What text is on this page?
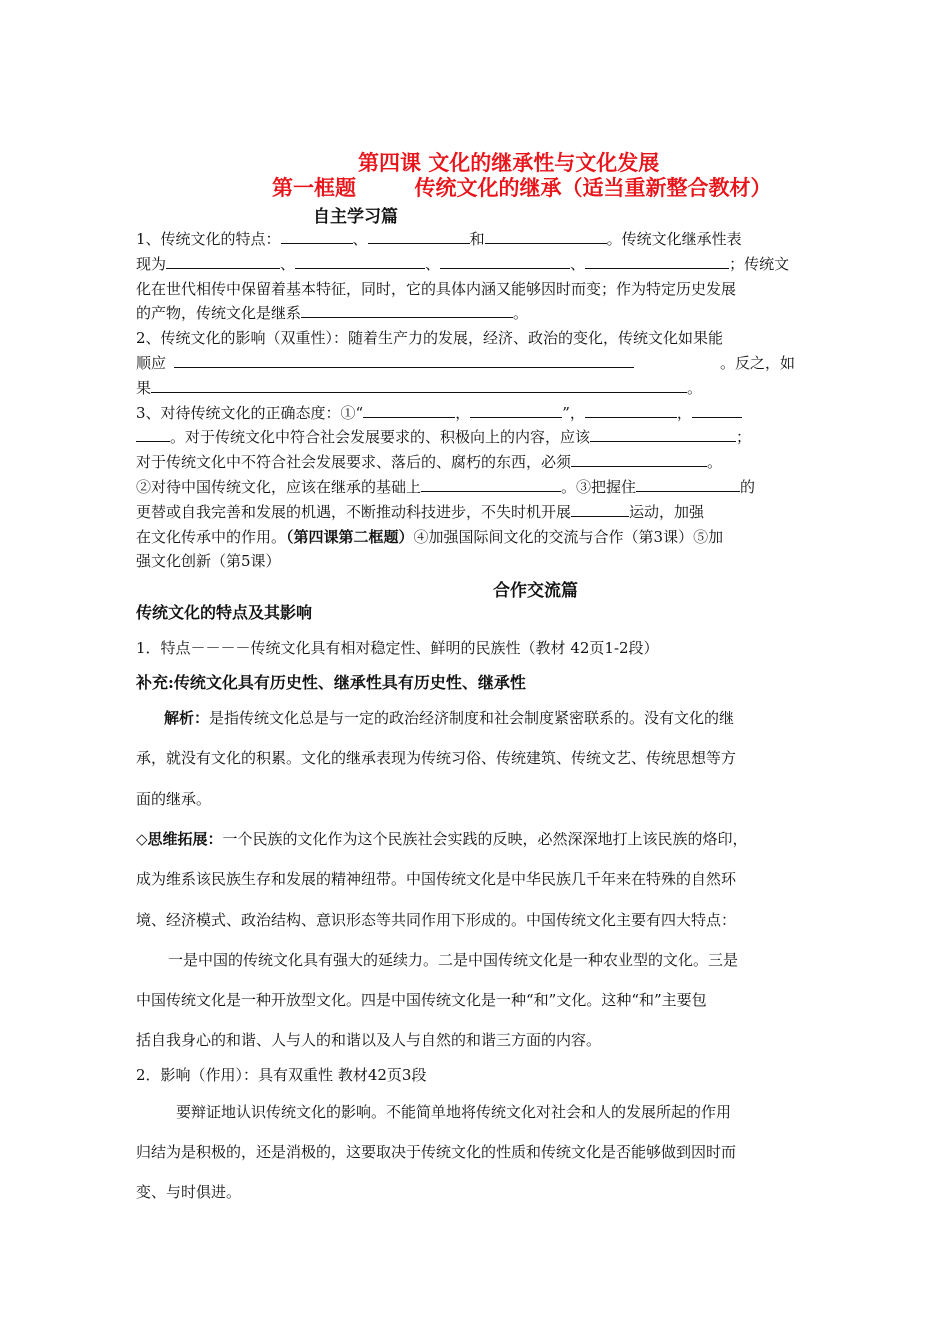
第四课 文化的继承性与文化发展
第一框题        传统文化的继承（适当重新整合教材）
自主学习篇
1、传统文化的特点：	、	和	。传统文化继承性表
现为	、	、	、	；传统文
化在世代相传中保留着基本特征，同时，它的具体内涵又能够因时而变；作为特定历史发展
的产物，传统文化是继系	。
2、传统文化的影响（双重性）：随着生产力的发展，经济、政治的变化，传统文化如果能
顺应	。反之，如
果	。
3、对待传统文化的正确态度：①“	，	”，	，
。对于传统文化中符合社会发展要求的、积极向上的内容，应该	；
对于传统文化中不符合社会发展要求、落后的、腐朽的东西，必须	。
②对待中国传统文化，应该在继承的基础上	。③把握住	的
更替或自我完善和发展的机遇，不断推动科技进步，不失时机开展	运动，加强
在文化传承中的作用。（第四课第二框题）④加强国际间文化的交流与合作（第3课）⑤加
强文化创新（第5课）
合作交流篇
传统文化的特点及其影响
1．特点－－－－传统文化具有相对稳定性、鲜明的民族性（教材 42页1-2段）
补充:传统文化具有历史性、继承性具有历史性、继承性
解析：是指传统文化总是与一定的政治经济制度和社会制度紧密联系的。没有文化的继
承，就没有文化的积累。文化的继承表现为传统习俗、传统建筑、传统文艺、传统思想等方
面的继承。
◇思维拓展：一个民族的文化作为这个民族社会实践的反映，必然深深地打上该民族的烙印，
成为维系该民族生存和发展的精神纽带。中国传统文化是中华民族几千年来在特殊的自然环
境、经济模式、政治结构、意识形态等共同作用下形成的。中国传统文化主要有四大特点：
一是中国的传统文化具有强大的延续力。二是中国传统文化是一种农业型的文化。三是
中国传统文化是一种开放型文化。四是中国传统文化是一种“和”文化。这种“和”主要包
括自我身心的和谐、人与人的和谐以及人与自然的和谐三方面的内容。
2．影响（作用）：具有双重性 教材42页3段
要辩证地认识传统文化的影响。不能简单地将传统文化对社会和人的发展所起的作用
归结为是积极的，还是消极的，这要取决于传统文化的性质和传统文化是否能够做到因时而
变、与时俱进。
